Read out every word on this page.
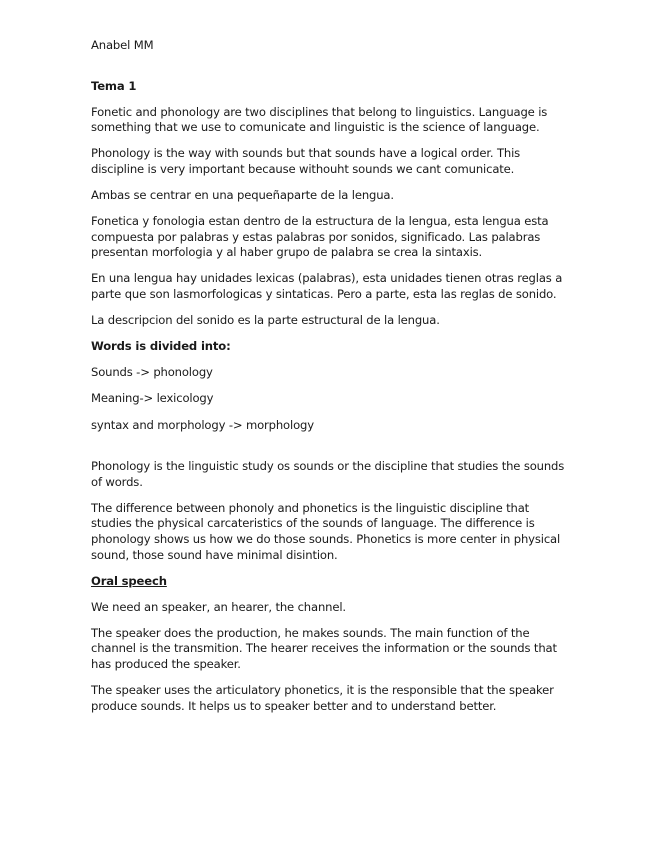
Anabel MM

Tema 1

Fonetic and phonology are two disciplines that belong to linguistics. Language is something that we use to comunicate and linguistic is the science of language.

Phonology is the way with sounds but that sounds have a logical order. This discipline is very important because withouht sounds we cant comunicate.

Ambas se centrar en una pequeñaparte de la lengua.

Fonetica y fonologia estan dentro de la estructura de la lengua, esta lengua esta compuesta por palabras y estas palabras por sonidos, significado. Las palabras presentan morfologia y al haber grupo de palabra se crea la sintaxis.

En una lengua hay unidades lexicas (palabras), esta unidades tienen otras reglas a parte que son lasmorfologicas y sintaticas. Pero a parte, esta las reglas de sonido.

La descripcion del sonido es la parte estructural de la lengua.

Words is divided into:

Sounds -> phonology

Meaning-> lexicology

syntax and morphology -> morphology

Phonology is the linguistic study os sounds or the discipline that studies the sounds of words.

The difference between phonoly and phonetics is the linguistic discipline that studies the physical carcateristics of the sounds of language. The difference is phonology shows us how we do those sounds. Phonetics is more center in physical sound, those sound have minimal disintion.

Oral speech

We need an speaker, an hearer, the channel.

The speaker does the production, he makes sounds. The main function of the channel is the transmition. The hearer receives the information or the sounds that has produced the speaker.

The speaker uses the articulatory phonetics, it is the responsible that the speaker produce sounds. It helps us to speaker better and to understand better.
